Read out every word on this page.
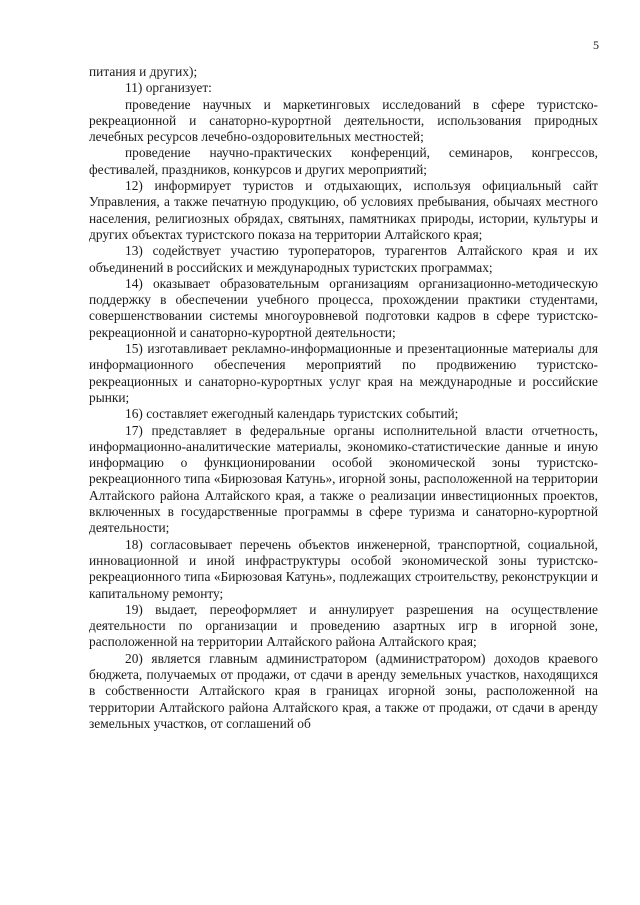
5

питания и других);

11) организует:

проведение научных и маркетинговых исследований в сфере туристско-рекреационной и санаторно-курортной деятельности, использования природных лечебных ресурсов лечебно-оздоровительных местностей;

проведение научно-практических конференций, семинаров, конгрессов, фестивалей, праздников, конкурсов и других мероприятий;

12) информирует туристов и отдыхающих, используя официальный сайт Управления, а также печатную продукцию, об условиях пребывания, обычаях местного населения, религиозных обрядах, святынях, памятниках природы, истории, культуры и других объектах туристского показа на территории Алтайского края;

13) содействует участию туроператоров, турагентов Алтайского края и их объединений в российских и международных туристских программах;

14) оказывает образовательным организациям организационно-методическую поддержку в обеспечении учебного процесса, прохождении практики студентами, совершенствовании системы многоуровневой подготовки кадров в сфере туристско-рекреационной и санаторно-курортной деятельности;

15) изготавливает рекламно-информационные и презентационные материалы для информационного обеспечения мероприятий по продвижению туристско-рекреационных и санаторно-курортных услуг края на международные и российские рынки;

16) составляет ежегодный календарь туристских событий;

17) представляет в федеральные органы исполнительной власти отчетность, информационно-аналитические материалы, экономико-статистические данные и иную информацию о функционировании особой экономической зоны туристско-рекреационного типа «Бирюзовая Катунь», игорной зоны, расположенной на территории Алтайского района Алтайского края, а также о реализации инвестиционных проектов, включенных в государственные программы в сфере туризма и санаторно-курортной деятельности;

18) согласовывает перечень объектов инженерной, транспортной, социальной, инновационной и иной инфраструктуры особой экономической зоны туристско-рекреационного типа «Бирюзовая Катунь», подлежащих строительству, реконструкции и капитальному ремонту;

19) выдает, переоформляет и аннулирует разрешения на осуществление деятельности по организации и проведению азартных игр в игорной зоне, расположенной на территории Алтайского района Алтайского края;

20) является главным администратором (администратором) доходов краевого бюджета, получаемых от продажи, от сдачи в аренду земельных участков, находящихся в собственности Алтайского края в границах игорной зоны, расположенной на территории Алтайского района Алтайского края, а также от продажи, от сдачи в аренду земельных участков, от соглашений об
